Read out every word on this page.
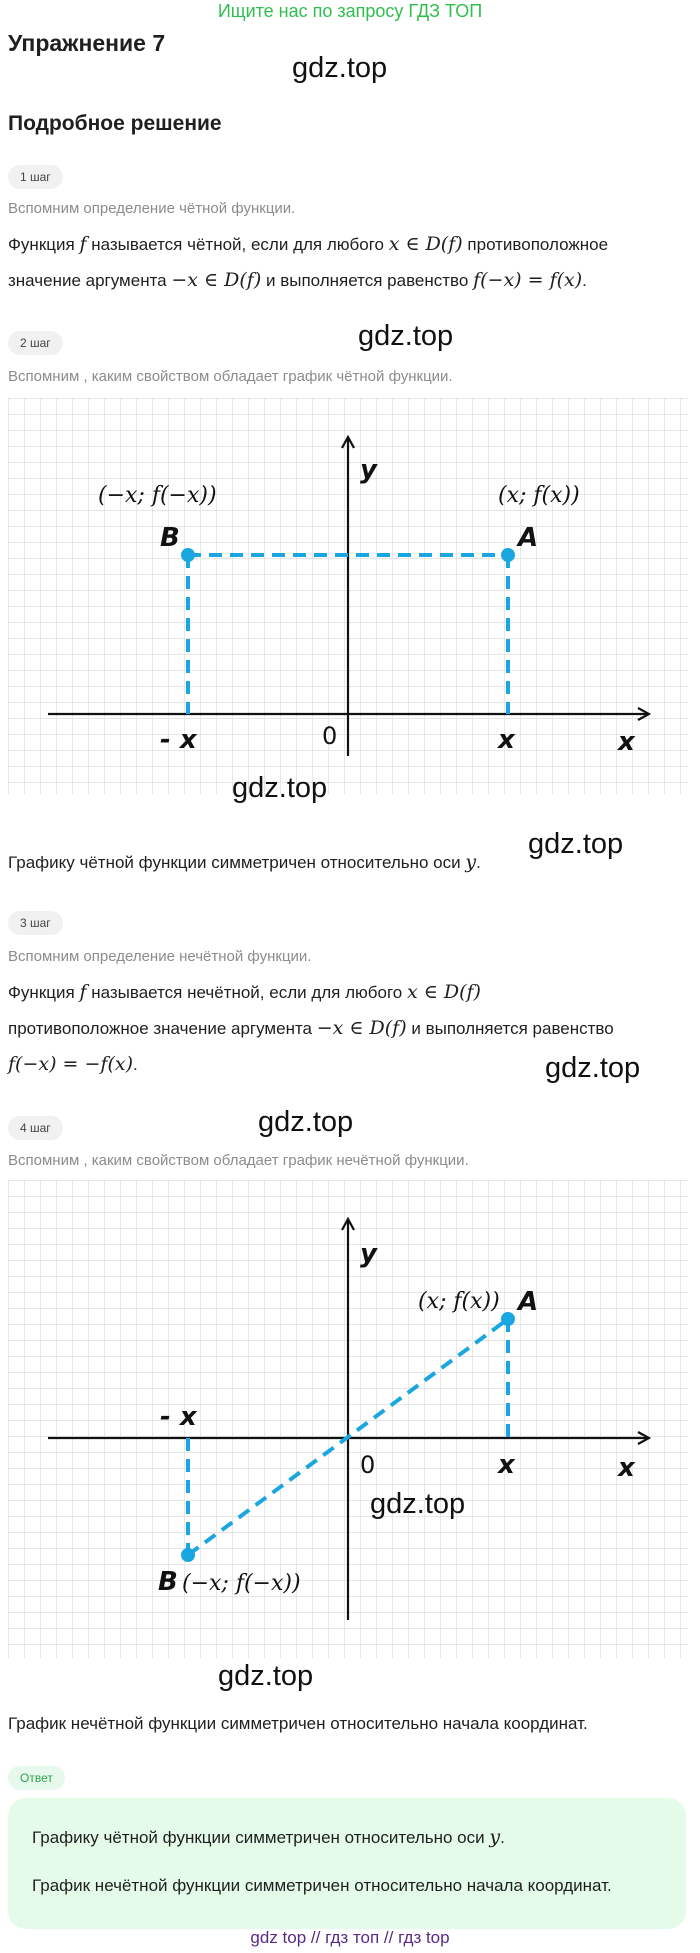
Ищите нас по запросу ГДЗ ТОП
Упражнение 7
gdz.top
Подробное решение
1 шаг
Вспомним определение чётной функции.
Функция f называется чётной, если для любого x ∈ D(f) противоположное
значение аргумента −x ∈ D(f) и выполняется равенство f(−x) = f(x).
2 шаг	gdz.top
Вспомним , каким свойством обладает график чётной функции.
y
x
0
- x	x
B	A
(−x; f(−x))	(x; f(x))
gdz.top
Графику чётной функции симметричен относительно оси y.
gdz.top
3 шаг
Вспомним определение нечётной функции.
Функция f называется нечётной, если для любого x ∈ D(f)
противоположное значение аргумента −x ∈ D(f) и выполняется равенство
f(−x) = −f(x).	gdz.top
4 шаг	gdz.top
Вспомним , каким свойством обладает график нечётной функции.
y
x
0
- x
x
A
(x; f(x))
B (−x; f(−x))
gdz.top
gdz.top
График нечётной функции симметричен относительно начала координат.
Ответ
Графику чётной функции симметричен относительно оси y.
График нечётной функции симметричен относительно начала координат.
gdz top // гдз топ // гдз top
